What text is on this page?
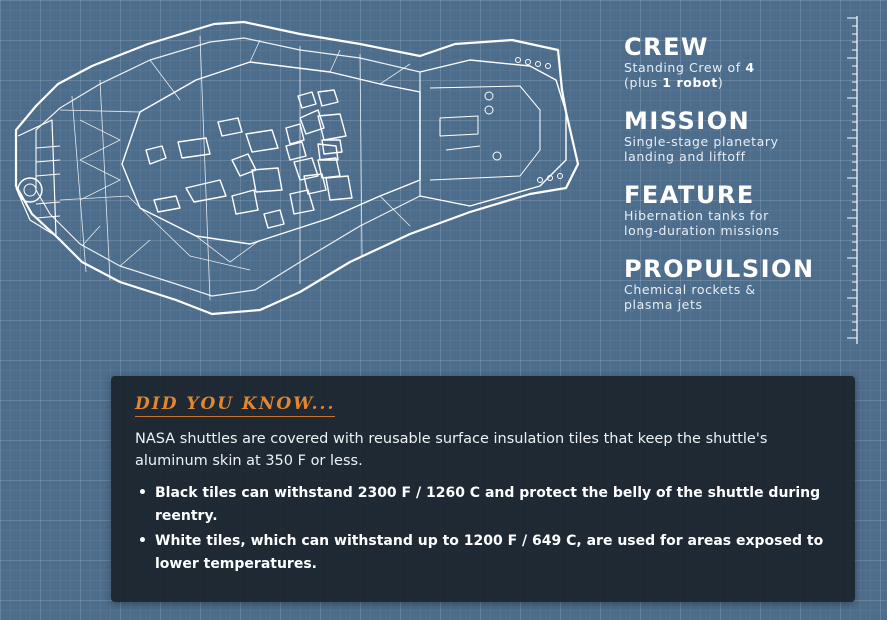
CREW
Standing Crew of 4
(plus 1 robot)
MISSION
Single-stage planetary
landing and liftoff
FEATURE
Hibernation tanks for
long-duration missions
PROPULSION
Chemical rockets &
plasma jets
DID YOU KNOW...
NASA shuttles are covered with reusable surface insulation tiles that keep the shuttle's aluminum skin at 350 F or less.
• Black tiles can withstand 2300 F / 1260 C and protect the belly of the shuttle during reentry.
• White tiles, which can withstand up to 1200 F / 649 C, are used for areas exposed to lower temperatures.
